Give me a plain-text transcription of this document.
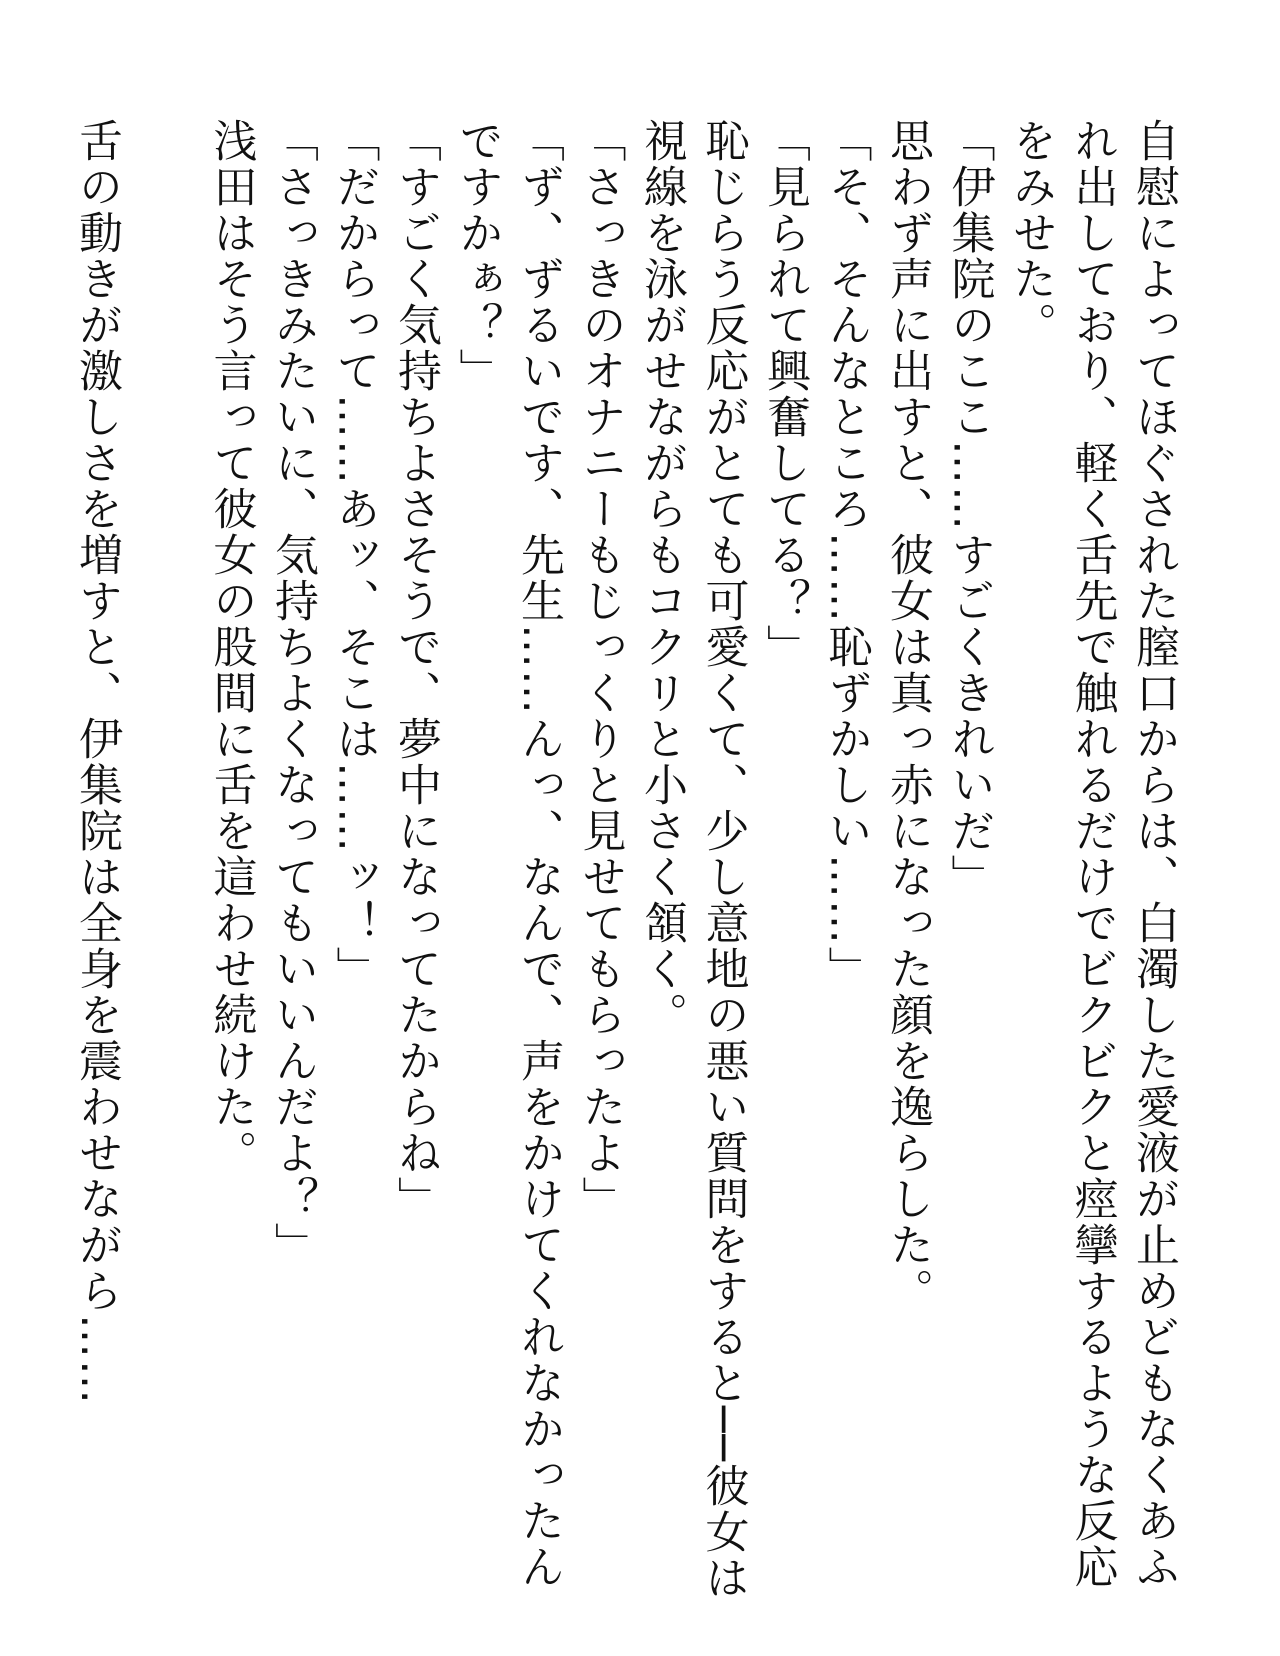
自慰によってほぐされた膣口からは、白濁した愛液が止めどもなくあふれ出しており、軽く舌先で触れるだけでビクビクと痙攣するような反応をみせた。

「伊集院のここ……すごくきれいだ」

思わず声に出すと、彼女は真っ赤になった顔を逸らした。

「そ、そんなところ……恥ずかしい……」

「見られて興奮してる？」

恥じらう反応がとても可愛くて、少し意地の悪い質問をすると──彼女は視線を泳がせながらもコクリと小さく頷く。

「さっきのオナニーもじっくりと見せてもらったよ」

「ず、ずるいです、先生……んっ、なんで、声をかけてくれなかったんですかぁ？」

「すごく気持ちよさそうで、夢中になってたからね」

「だからって……あッ、そこは……ッ！」

「さっきみたいに、気持ちよくなってもいいんだよ？」

浅田はそう言って彼女の股間に舌を這わせ続けた。

舌の動きが激しさを増すと、伊集院は全身を震わせながら……
